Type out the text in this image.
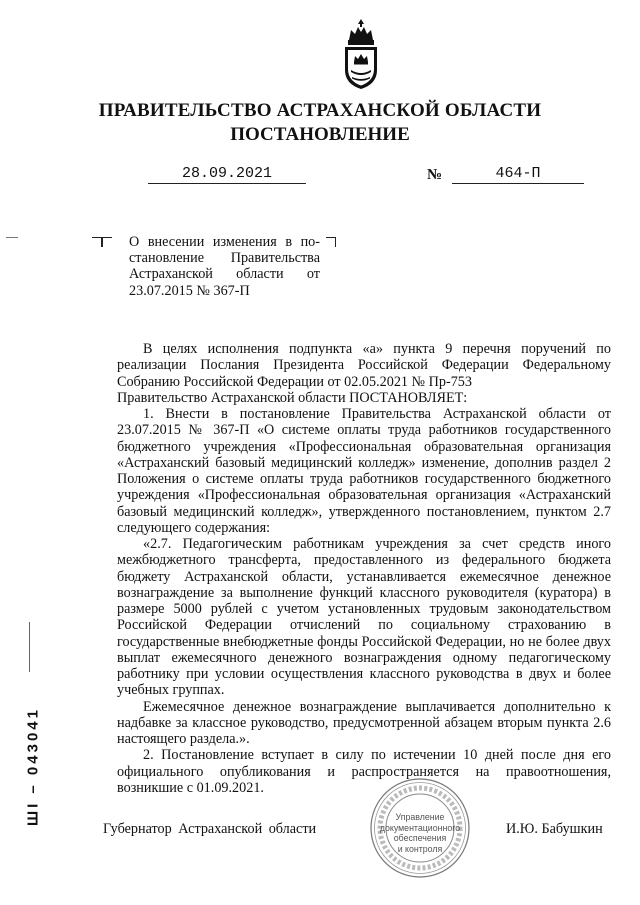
ПРАВИТЕЛЬСТВО АСТРАХАНСКОЙ ОБЛАСТИ
ПОСТАНОВЛЕНИЕ
28.09.2021	№	464-П

О внесении изменения в по-

становление Правительства

Астраханской области от

23.07.2015 № 367-П

В целях исполнения подпункта «а» пункта 9 перечня поручений по реализации Послания Президента Российской Федерации Федеральному Собранию Российской Федерации от 02.05.2021 № Пр-753

Правительство Астраханской области ПОСТАНОВЛЯЕТ:

1. Внести в постановление Правительства Астраханской области от 23.07.2015 № 367-П «О системе оплаты труда работников государственного бюджетного учреждения «Профессиональная образовательная организация «Астраханский базовый медицинский колледж» изменение, дополнив раздел 2 Положения о системе оплаты труда работников государственного бюджетного учреждения «Профессиональная образовательная организация «Астраханский базовый медицинский колледж», утвержденного постановлением, пунктом 2.7 следующего содержания:

«2.7. Педагогическим работникам учреждения за счет средств иного межбюджетного трансферта, предоставленного из федерального бюджета бюджету Астраханской области, устанавливается ежемесячное денежное вознаграждение за выполнение функций классного руководителя (куратора) в размере 5000 рублей с учетом установленных трудовым законодательством Российской Федерации отчислений по социальному страхованию в государственные внебюджетные фонды Российской Федерации, но не более двух выплат ежемесячного денежного вознаграждения одному педагогическому работнику при условии осуществления классного руководства в двух и более учебных группах.

Ежемесячное денежное вознаграждение выплачивается дополнительно к надбавке за классное руководство, предусмотренной абзацем вторым пункта 2.6 настоящего раздела.».

2. Постановление вступает в силу по истечении 10 дней после дня его официального опубликования и распространяется на правоотношения, возникшие с 01.09.2021.

Губернатор Астраханской области	И.Ю. Бабушкин
Управление
документационного
обеспечения
и контроля
ШI – 043041
